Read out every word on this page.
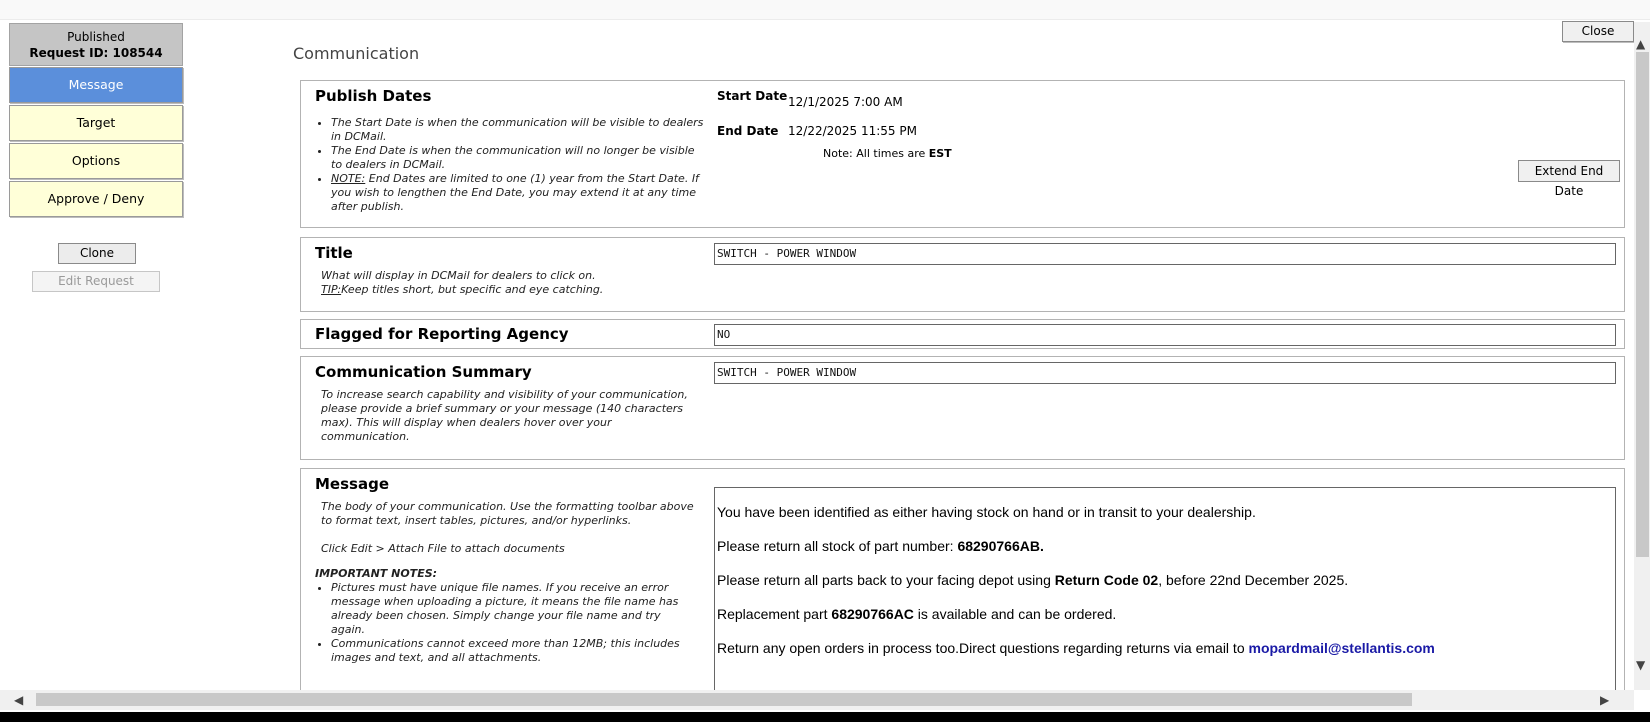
Published
Request ID: 108544
Message
Target
Options
Approve / Deny
Clone
Edit Request
Communication
Close
Publish Dates
• The Start Date is when the communication will be visible to dealers in DCMail.
• The End Date is when the communication will no longer be visible to dealers in DCMail.
• NOTE: End Dates are limited to one (1) year from the Start Date. If you wish to lengthen the End Date, you may extend it at any time after publish.
Start Date 12/1/2025 7:00 AM
End Date 12/22/2025 11:55 PM
Note: All times are EST
Extend End Date
Title
What will display in DCMail for dealers to click on.
TIP:Keep titles short, but specific and eye catching.
SWITCH - POWER WINDOW
Flagged for Reporting Agency	NO
Communication Summary
To increase search capability and visibility of your communication, please provide a brief summary or your message (140 characters max). This will display when dealers hover over your communication.
SWITCH - POWER WINDOW
Message
The body of your communication. Use the formatting toolbar above to format text, insert tables, pictures, and/or hyperlinks.
Click Edit > Attach File to attach documents
IMPORTANT NOTES:
• Pictures must have unique file names. If you receive an error message when uploading a picture, it means the file name has already been chosen. Simply change your file name and try again.
• Communications cannot exceed more than 12MB; this includes images and text, and all attachments.

You have been identified as either having stock on hand or in transit to your dealership.

Please return all stock of part number: 68290766AB.

Please return all parts back to your facing depot using Return Code 02, before 22nd December 2025.

Replacement part 68290766AC is available and can be ordered.

Return any open orders in process too.Direct questions regarding returns via email to mopardmail@stellantis.com

▲
▼
◀	▶
